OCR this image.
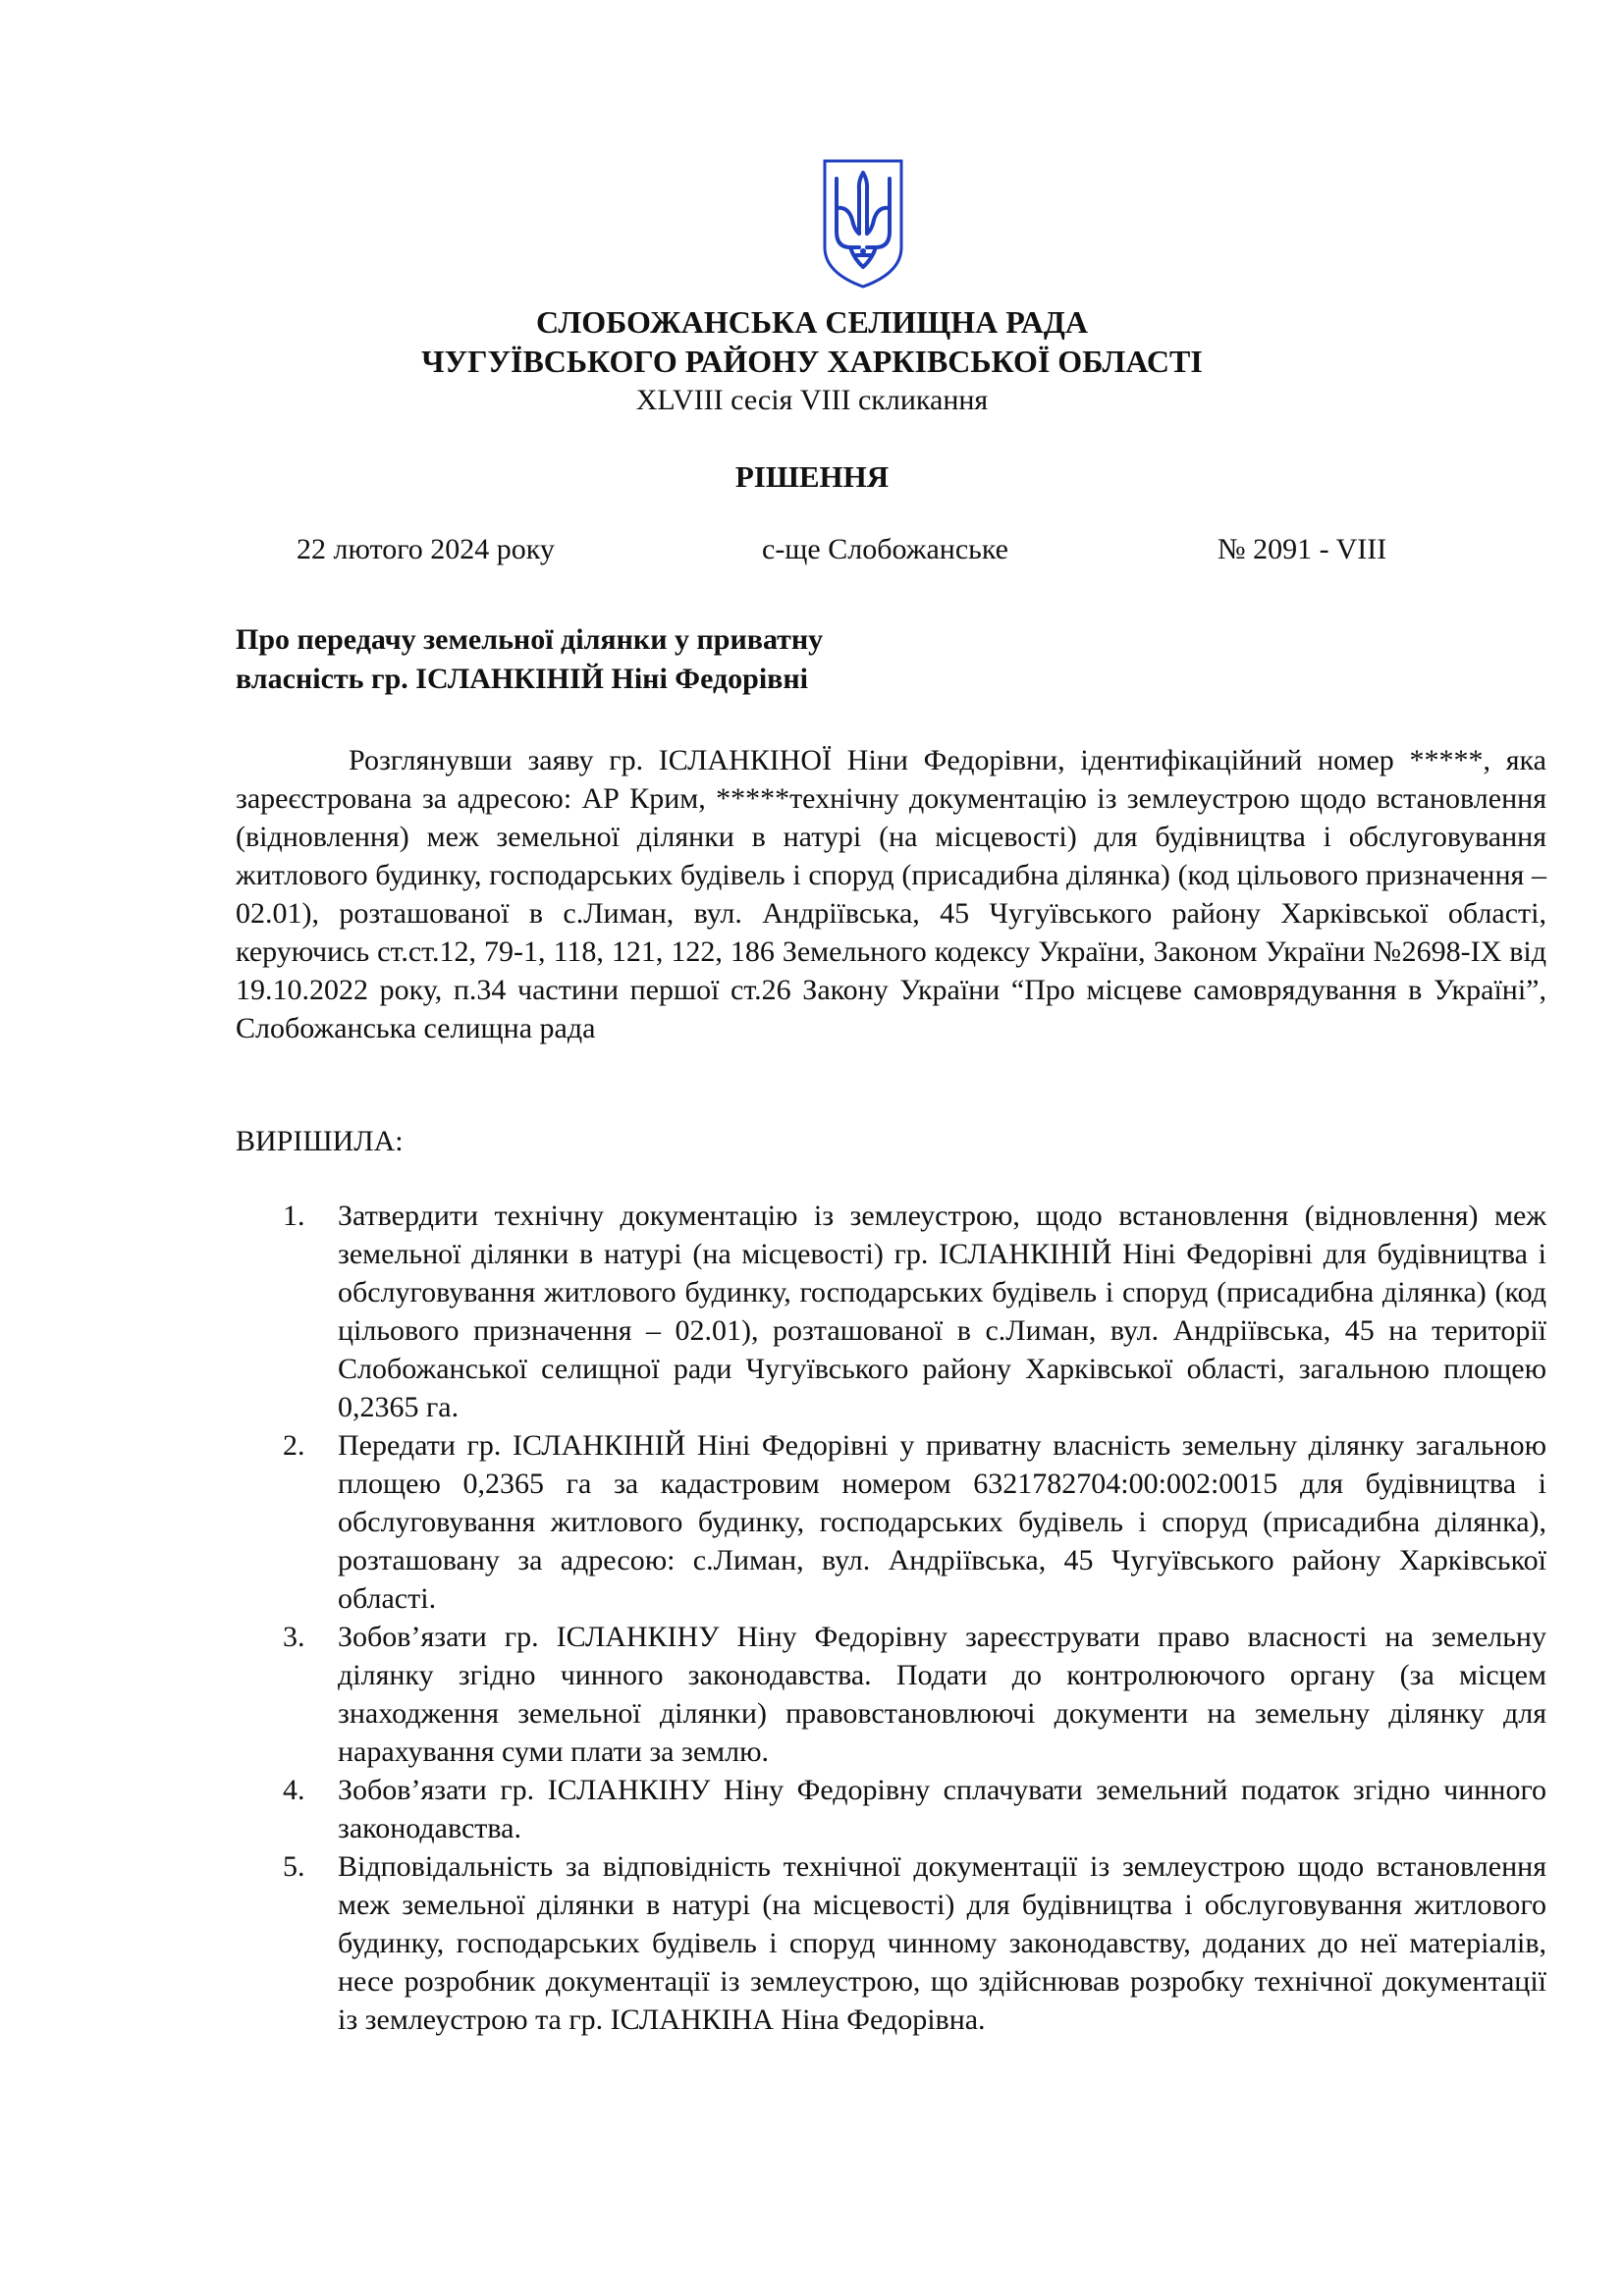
СЛОБОЖАНСЬКА СЕЛИЩНА РАДА
ЧУГУЇВСЬКОГО РАЙОНУ ХАРКІВСЬКОЇ ОБЛАСТІ
XLVIII сесія VIII скликання
РІШЕННЯ
22 лютого 2024 року	с-ще Слобожанське	№ 2091 - VIII
Про передачу земельної ділянки у приватну
власність гр. ІСЛАНКІНІЙ Ніні Федорівні

Розглянувши заяву гр. ІСЛАНКІНОЇ Ніни Федорівни, ідентифікаційний номер *****, яка зареєстрована за адресою: АР Крим, *****технічну документацію із землеустрою щодо встановлення (відновлення) меж земельної ділянки в натурі (на місцевості) для будівництва і обслуговування житлового будинку, господарських будівель і споруд (присадибна ділянка) (код цільового призначення – 02.01), розташованої в с.Лиман, вул. Андріївська, 45 Чугуївського району Харківської області, керуючись ст.ст.12, 79-1, 118, 121, 122, 186 Земельного кодексу України, Законом України №2698-IX від 19.10.2022 року, п.34 частини першої ст.26 Закону України “Про місцеве самоврядування в Україні”, Слобожанська селищна рада

ВИРІШИЛА:
1. Затвердити технічну документацію із землеустрою, щодо встановлення (відновлення) меж земельної ділянки в натурі (на місцевості) гр. ІСЛАНКІНІЙ Ніні Федорівні для будівництва і обслуговування житлового будинку, господарських будівель і споруд (присадибна ділянка) (код цільового призначення – 02.01), розташованої в с.Лиман, вул. Андріївська, 45 на території Слобожанської селищної ради Чугуївського району Харківської області, загальною площею 0,2365 га.
2. Передати гр. ІСЛАНКІНІЙ Ніні Федорівні у приватну власність земельну ділянку загальною площею 0,2365 га за кадастровим номером 6321782704:00:002:0015 для будівництва і обслуговування житлового будинку, господарських будівель і споруд (присадибна ділянка), розташовану за адресою: с.Лиман, вул. Андріївська, 45 Чугуївського району Харківської області.
3. Зобов’язати гр. ІСЛАНКІНУ Ніну Федорівну зареєструвати право власності на земельну ділянку згідно чинного законодавства. Подати до контролюючого органу (за місцем знаходження земельної ділянки) правовстановлюючі документи на земельну ділянку для нарахування суми плати за землю.
4. Зобов’язати гр. ІСЛАНКІНУ Ніну Федорівну сплачувати земельний податок згідно чинного законодавства.
5. Відповідальність за відповідність технічної документації із землеустрою щодо встановлення меж земельної ділянки в натурі (на місцевості) для будівництва і обслуговування житлового будинку, господарських будівель і споруд чинному законодавству, доданих до неї матеріалів, несе розробник документації із землеустрою, що здійснював розробку технічної документації із землеустрою та гр. ІСЛАНКІНА Ніна Федорівна.
